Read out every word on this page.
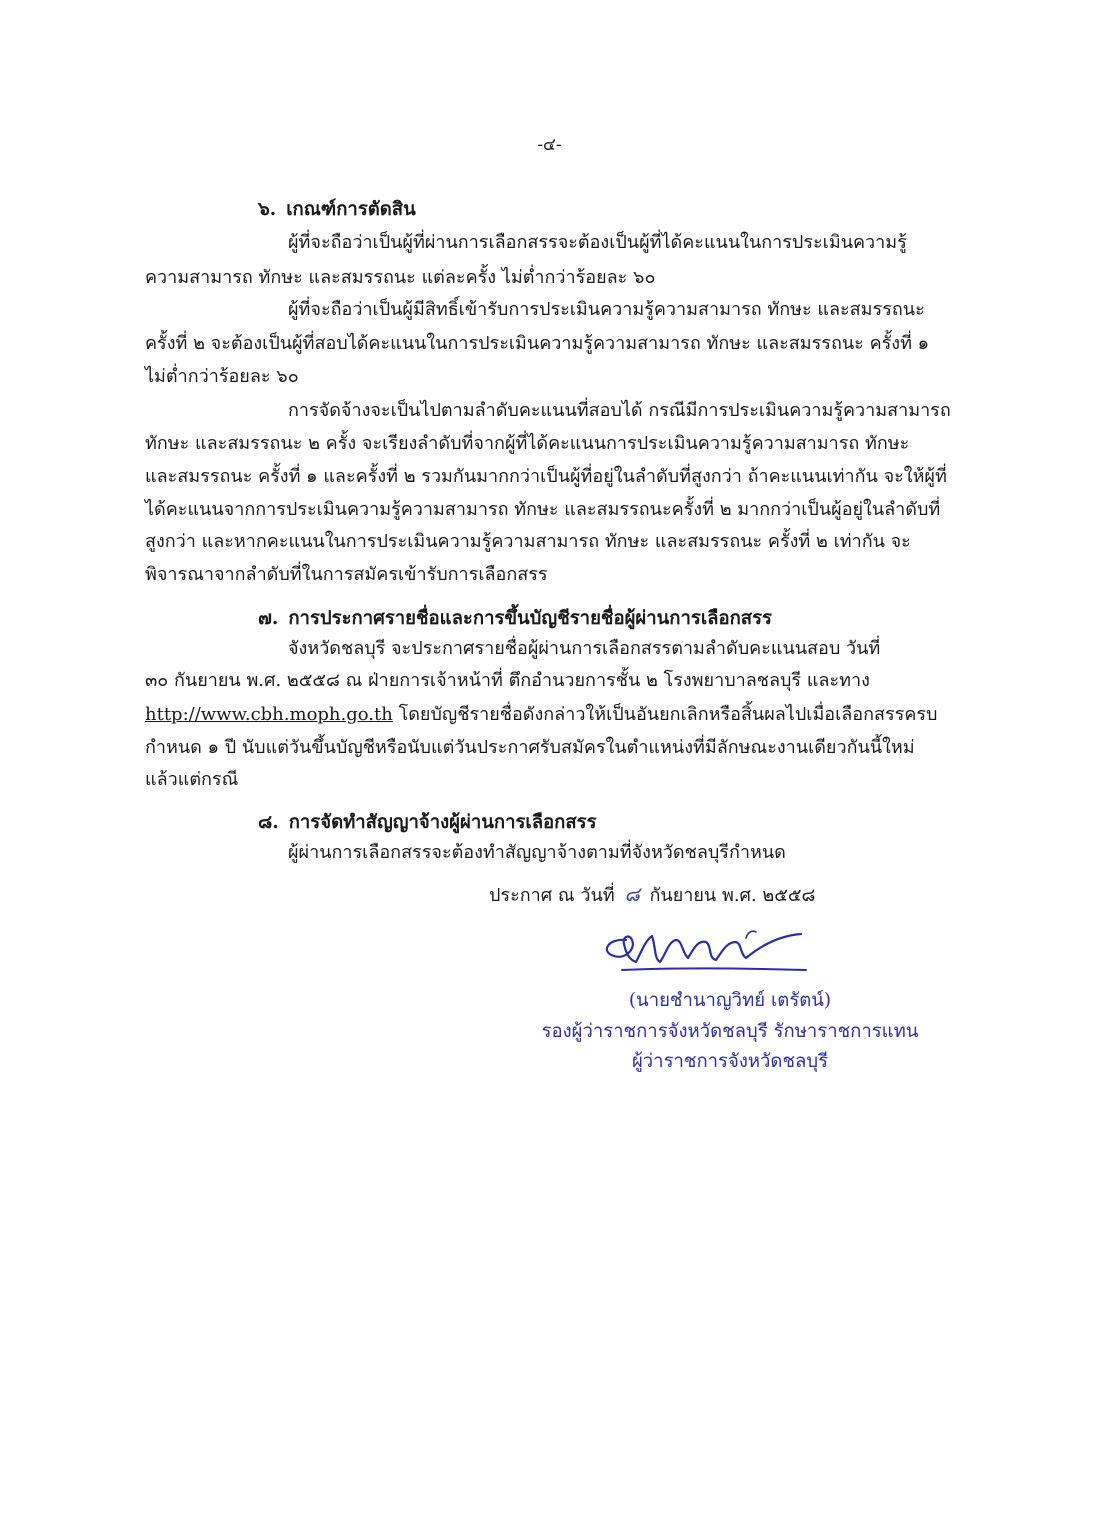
-๔-
๖. เกณฑ์การตัดสิน
ผู้ที่จะถือว่าเป็นผู้ที่ผ่านการเลือกสรรจะต้องเป็นผู้ที่ได้คะแนนในการประเมินความรู้
ความสามารถ ทักษะ และสมรรถนะ แต่ละครั้ง ไม่ต่ำกว่าร้อยละ ๖๐
ผู้ที่จะถือว่าเป็นผู้มีสิทธิ์เข้ารับการประเมินความรู้ความสามารถ ทักษะ และสมรรถนะ
ครั้งที่ ๒ จะต้องเป็นผู้ที่สอบได้คะแนนในการประเมินความรู้ความสามารถ ทักษะ และสมรรถนะ ครั้งที่ ๑
ไม่ต่ำกว่าร้อยละ ๖๐
การจัดจ้างจะเป็นไปตามลำดับคะแนนที่สอบได้ กรณีมีการประเมินความรู้ความสามารถ
ทักษะ และสมรรถนะ ๒ ครั้ง จะเรียงลำดับที่จากผู้ที่ได้คะแนนการประเมินความรู้ความสามารถ ทักษะ
และสมรรถนะ ครั้งที่ ๑ และครั้งที่ ๒ รวมกันมากกว่าเป็นผู้ที่อยู่ในลำดับที่สูงกว่า ถ้าคะแนนเท่ากัน จะให้ผู้ที่
ได้คะแนนจากการประเมินความรู้ความสามารถ ทักษะ และสมรรถนะครั้งที่ ๒ มากกว่าเป็นผู้อยู่ในลำดับที่
สูงกว่า และหากคะแนนในการประเมินความรู้ความสามารถ ทักษะ และสมรรถนะ ครั้งที่ ๒ เท่ากัน จะ
พิจารณาจากลำดับที่ในการสมัครเข้ารับการเลือกสรร
๗. การประกาศรายชื่อและการขึ้นบัญชีรายชื่อผู้ผ่านการเลือกสรร
จังหวัดชลบุรี จะประกาศรายชื่อผู้ผ่านการเลือกสรรตามลำดับคะแนนสอบ วันที่
๓๐ กันยายน พ.ศ. ๒๕๕๘ ณ ฝ่ายการเจ้าหน้าที่ ตึกอำนวยการชั้น ๒ โรงพยาบาลชลบุรี และทาง
http://www.cbh.moph.go.th โดยบัญชีรายชื่อดังกล่าวให้เป็นอันยกเลิกหรือสิ้นผลไปเมื่อเลือกสรรครบ
กำหนด ๑ ปี นับแต่วันขึ้นบัญชีหรือนับแต่วันประกาศรับสมัครในตำแหน่งที่มีลักษณะงานเดียวกันนี้ใหม่
แล้วแต่กรณี
๘. การจัดทำสัญญาจ้างผู้ผ่านการเลือกสรร
ผู้ผ่านการเลือกสรรจะต้องทำสัญญาจ้างตามที่จังหวัดชลบุรีกำหนด
ประกาศ ณ วันที่ ๘ กันยายน พ.ศ. ๒๕๕๘
(นายชำนาญวิทย์ เตรัตน์)
รองผู้ว่าราชการจังหวัดชลบุรี รักษาราชการแทน
ผู้ว่าราชการจังหวัดชลบุรี
